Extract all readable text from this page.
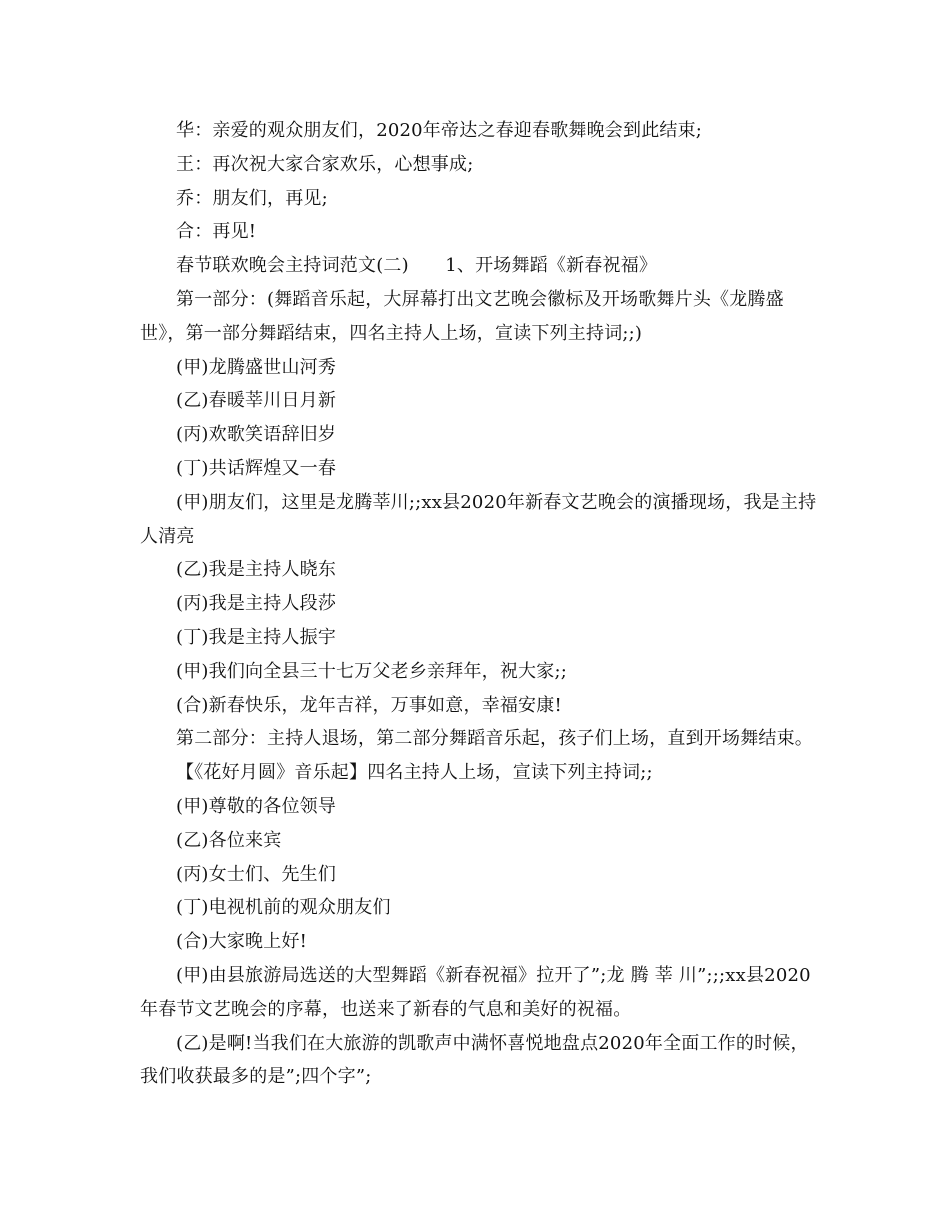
华：亲爱的观众朋友们，2020年帝达之春迎春歌舞晚会到此结束;

王：再次祝大家合家欢乐，心想事成;

乔：朋友们，再见;

合：再见!

春节联欢晚会主持词范文(二)　　1、开场舞蹈《新春祝福》

第一部分：(舞蹈音乐起，大屏幕打出文艺晚会徽标及开场歌舞片头《龙腾盛世》，第一部分舞蹈结束，四名主持人上场，宣读下列主持词;;)

(甲)龙腾盛世山河秀

(乙)春暖莘川日月新

(丙)欢歌笑语辞旧岁

(丁)共话辉煌又一春

(甲)朋友们，这里是龙腾莘川;;xx县2020年新春文艺晚会的演播现场，我是主持人清亮

(乙)我是主持人晓东

(丙)我是主持人段莎

(丁)我是主持人振宇

(甲)我们向全县三十七万父老乡亲拜年，祝大家;;

(合)新春快乐，龙年吉祥，万事如意，幸福安康!

第二部分：主持人退场，第二部分舞蹈音乐起，孩子们上场，直到开场舞结束。

【《花好月圆》音乐起】四名主持人上场，宣读下列主持词;;

(甲)尊敬的各位领导

(乙)各位来宾

(丙)女士们、先生们

(丁)电视机前的观众朋友们

(合)大家晚上好!

(甲)由县旅游局选送的大型舞蹈《新春祝福》拉开了”;龙 腾 莘 川”;;;xx县2020年春节文艺晚会的序幕，也送来了新春的气息和美好的祝福。

(乙)是啊!当我们在大旅游的凯歌声中满怀喜悦地盘点2020年全面工作的时候，我们收获最多的是”;四个字”;
